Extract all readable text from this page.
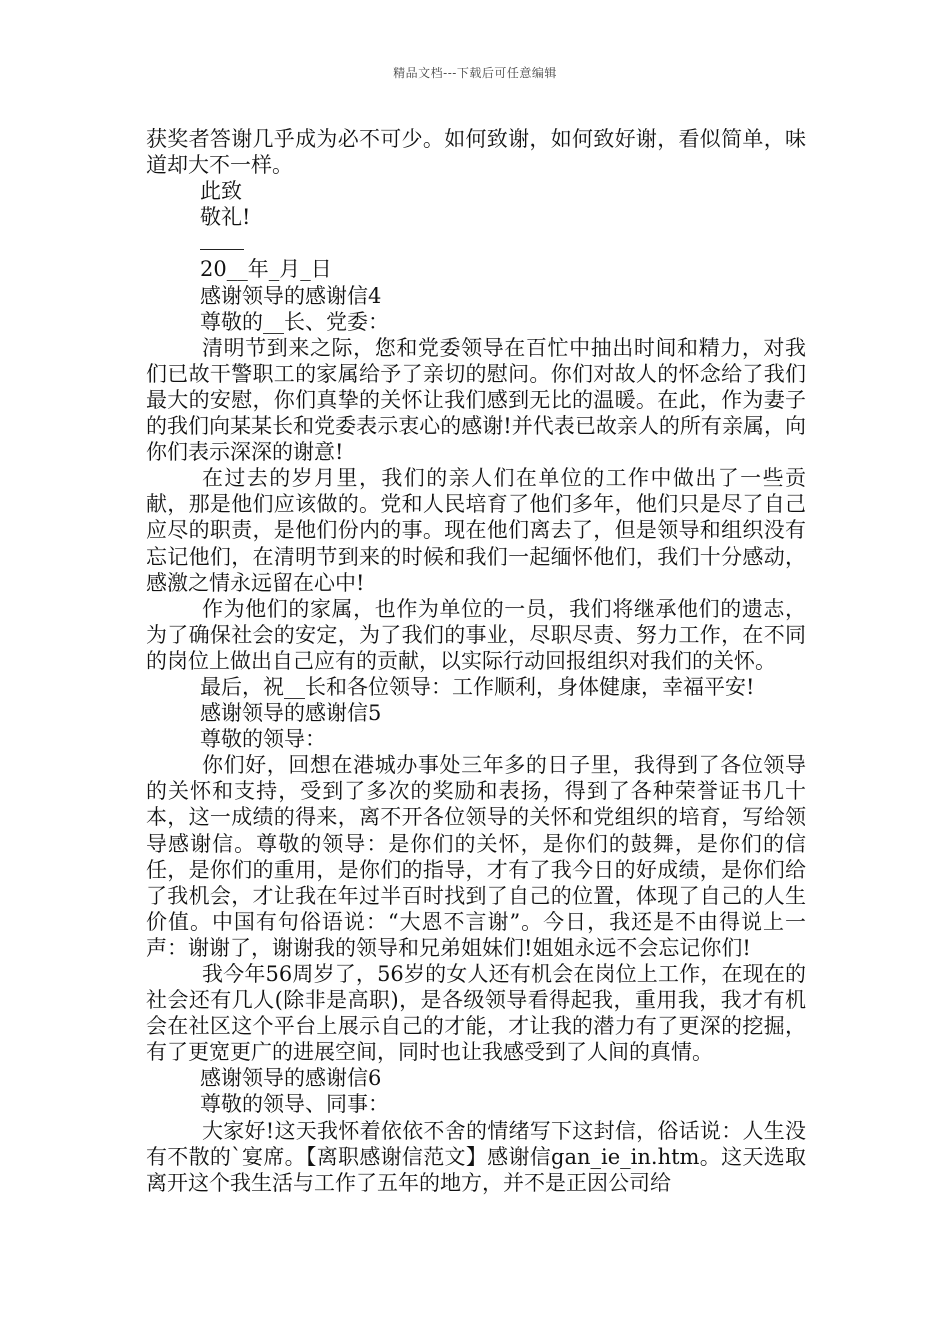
精品文档---下载后可任意编辑

获奖者答谢几乎成为必不可少。如何致谢，如何致好谢，看似简单，味道却大不一样。

此致

敬礼!

20__年_月_日

感谢领导的感谢信4

尊敬的__长、党委：

清明节到来之际，您和党委领导在百忙中抽出时间和精力，对我们已故干警职工的家属给予了亲切的慰问。你们对故人的怀念给了我们最大的安慰，你们真挚的关怀让我们感到无比的温暖。在此，作为妻子的我们向某某长和党委表示衷心的感谢!并代表已故亲人的所有亲属，向你们表示深深的谢意!

在过去的岁月里，我们的亲人们在单位的工作中做出了一些贡献，那是他们应该做的。党和人民培育了他们多年，他们只是尽了自己应尽的职责，是他们份内的事。现在他们离去了，但是领导和组织没有忘记他们，在清明节到来的时候和我们一起缅怀他们，我们十分感动，感激之情永远留在心中!

作为他们的家属，也作为单位的一员，我们将继承他们的遗志，为了确保社会的安定，为了我们的事业，尽职尽责、努力工作，在不同的岗位上做出自己应有的贡献，以实际行动回报组织对我们的关怀。

最后，祝__长和各位领导：工作顺利，身体健康，幸福平安!

感谢领导的感谢信5

尊敬的领导：

你们好，回想在港城办事处三年多的日子里，我得到了各位领导的关怀和支持，受到了多次的奖励和表扬，得到了各种荣誉证书几十本，这一成绩的得来，离不开各位领导的关怀和党组织的培育，写给领导感谢信。尊敬的领导：是你们的关怀，是你们的鼓舞，是你们的信任，是你们的重用，是你们的指导，才有了我今日的好成绩，是你们给了我机会，才让我在年过半百时找到了自己的位置，体现了自己的人生价值。中国有句俗语说：“大恩不言谢”。今日，我还是不由得说上一声：谢谢了，谢谢我的领导和兄弟姐妹们!姐姐永远不会忘记你们!

我今年56周岁了，56岁的女人还有机会在岗位上工作，在现在的社会还有几人(除非是高职)，是各级领导看得起我，重用我，我才有机会在社区这个平台上展示自己的才能，才让我的潜力有了更深的挖掘，有了更宽更广的进展空间，同时也让我感受到了人间的真情。

感谢领导的感谢信6

尊敬的领导、同事：

大家好!这天我怀着依依不舍的情绪写下这封信，俗话说：人生没有不散的`宴席。【离职感谢信范文】感谢信gan_ie_in.htm。这天选取离开这个我生活与工作了五年的地方，并不是正因公司给
